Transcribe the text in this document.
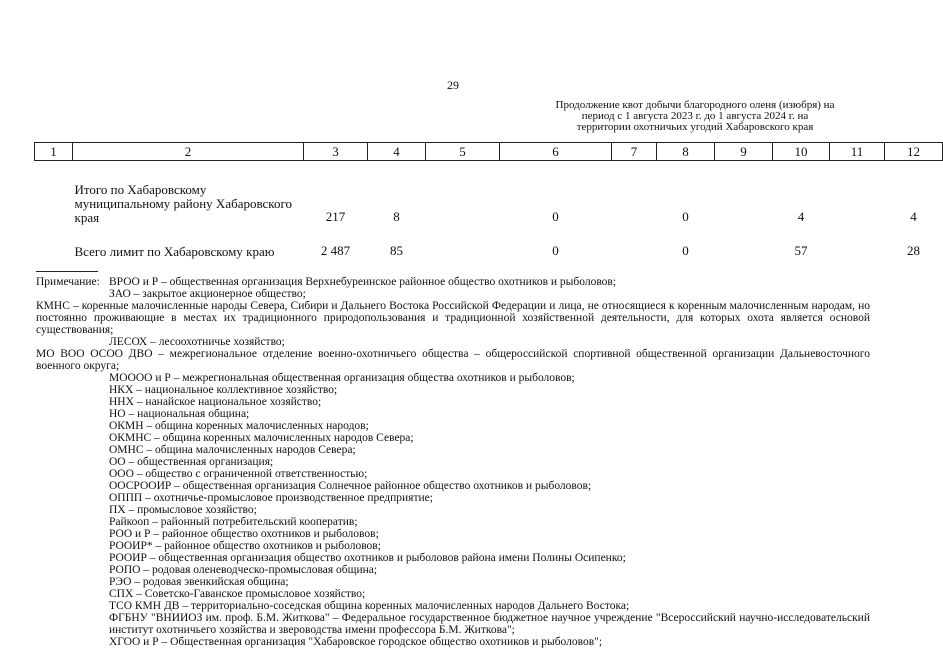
29
Продолжение квот добычи благородного оленя (изюбря) на
период с 1 августа 2023 г. до 1 августа 2024 г. на
территории охотничьих угодий Хабаровского края
1	2	3	4	5	6	7	8	9	10	11	12
	Итого по Хабаровскому муниципальному району Хабаровского края	217	8		0		0		4		4
	Всего лимит по Хабаровскому краю	2 487	85		0		0		57		28
Примечание: ВРОО и Р – общественная организация Верхнебуреинское районное общество охотников и рыболовов;
ЗАО – закрытое акционерное общество;
КМНС – коренные малочисленные народы Севера, Сибири и Дальнего Востока Российской Федерации и лица, не относящиеся к коренным малочисленным народам, но постоянно проживающие в местах их традиционного природопользования и традиционной хозяйственной деятельности, для которых охота является основой существования;
ЛЕСОХ – лесоохотничье хозяйство;
МО ВОО ОСОО ДВО – межрегиональное отделение военно-охотничьего общества – общероссийской спортивной общественной организации Дальневосточного военного округа;
МОООО и Р – межрегиональная общественная организация общества охотников и рыболовов;
НКХ – национальное коллективное хозяйство;
ННХ – нанайское национальное хозяйство;
НО – национальная община;
ОКМН – община коренных малочисленных народов;
ОКМНС – община коренных малочисленных народов Севера;
ОМНС – община малочисленных народов Севера;
ОО – общественная организация;
ООО – общество с ограниченной ответственностью;
ООСРООИР – общественная организация Солнечное районное общество охотников и рыболовов;
ОППП – охотничье-промысловое производственное предприятие;
ПХ – промысловое хозяйство;
Райкооп – районный потребительский кооператив;
РОО и Р – районное общество охотников и рыболовов;
РООИР* – районное общество охотников и рыболовов;
РООИР – общественная организация общество охотников и рыболовов района имени Полины Осипенко;
РОПО – родовая оленеводческо-промысловая община;
РЭО – родовая эвенкийская община;
СПХ – Советско-Гаванское промысловое хозяйство;
ТСО КМН ДВ – территориально-соседская община коренных малочисленных народов Дальнего Востока;
ФГБНУ "ВНИИОЗ им. проф. Б.М. Житкова" – Федеральное государственное бюджетное научное учреждение "Всероссийский научно-исследовательский институт охотничьего хозяйства и звероводства имени профессора Б.М. Житкова";
ХГОО и Р – Общественная организация "Хабаровское городское общество охотников и рыболовов";
